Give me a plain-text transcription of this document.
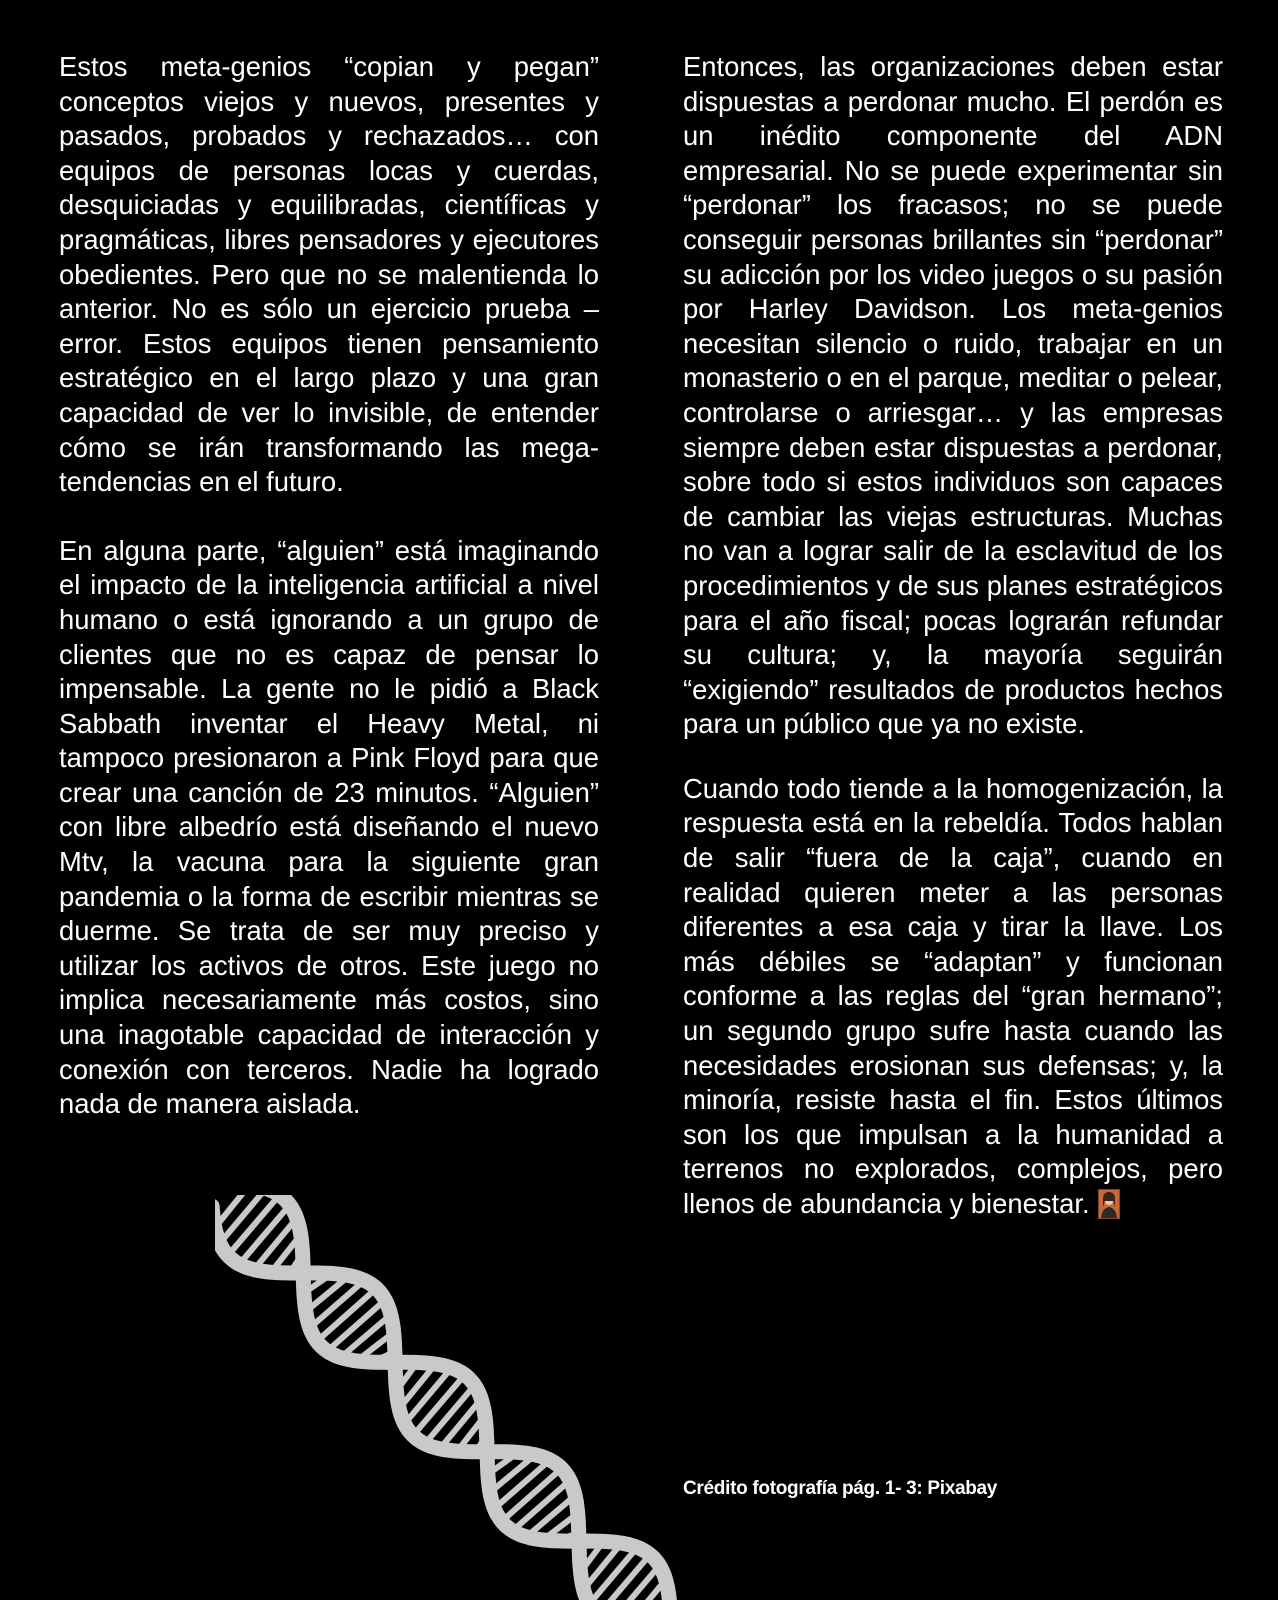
Estos meta-genios “copian y pegan” conceptos viejos y nuevos, presentes y pasados, probados y rechazados… con equipos de personas locas y cuerdas, desquiciadas y equilibradas, científicas y pragmáticas, libres pensadores y ejecutores obedientes. Pero que no se malentienda lo anterior. No es sólo un ejercicio prueba – error. Estos equipos tienen pensamiento estratégico en el largo plazo y una gran capacidad de ver lo invisible, de entender cómo se irán transformando las mega-tendencias en el futuro.

En alguna parte, “alguien” está imaginando el impacto de la inteligencia artificial a nivel humano o está ignorando a un grupo de clientes que no es capaz de pensar lo impensable. La gente no le pidió a Black Sabbath inventar el Heavy Metal, ni tampoco presionaron a Pink Floyd para que crear una canción de 23 minutos. “Alguien” con libre albedrío está diseñando el nuevo Mtv, la vacuna para la siguiente gran pandemia o la forma de escribir mientras se duerme. Se trata de ser muy preciso y utilizar los activos de otros. Este juego no implica necesariamente más costos, sino una inagotable capacidad de interacción y conexión con terceros. Nadie ha logrado nada de manera aislada.

Entonces, las organizaciones deben estar dispuestas a perdonar mucho. El perdón es un inédito componente del ADN empresarial. No se puede experimentar sin “perdonar” los fracasos; no se puede conseguir personas brillantes sin “perdonar” su adicción por los video juegos o su pasión por Harley Davidson. Los meta-genios necesitan silencio o ruido, trabajar en un monasterio o en el parque, meditar o pelear, controlarse o arriesgar… y las empresas siempre deben estar dispuestas a perdonar, sobre todo si estos individuos son capaces de cambiar las viejas estructuras. Muchas no van a lograr salir de la esclavitud de los procedimientos y de sus planes estratégicos para el año fiscal; pocas lograrán refundar su cultura; y, la mayoría seguirán “exigiendo” resultados de productos hechos para un público que ya no existe.

Cuando todo tiende a la homogenización, la respuesta está en la rebeldía. Todos hablan de salir “fuera de la caja”, cuando en realidad quieren meter a las personas diferentes a esa caja y tirar la llave. Los más débiles se “adaptan” y funcionan conforme a las reglas del “gran hermano”; un segundo grupo sufre hasta cuando las necesidades erosionan sus defensas; y, la minoría, resiste hasta el fin. Estos últimos son los que impulsan a la humanidad a terrenos no explorados, complejos, pero llenos de abundancia y bienestar.

Crédito fotografía pág. 1- 3: Pixabay
